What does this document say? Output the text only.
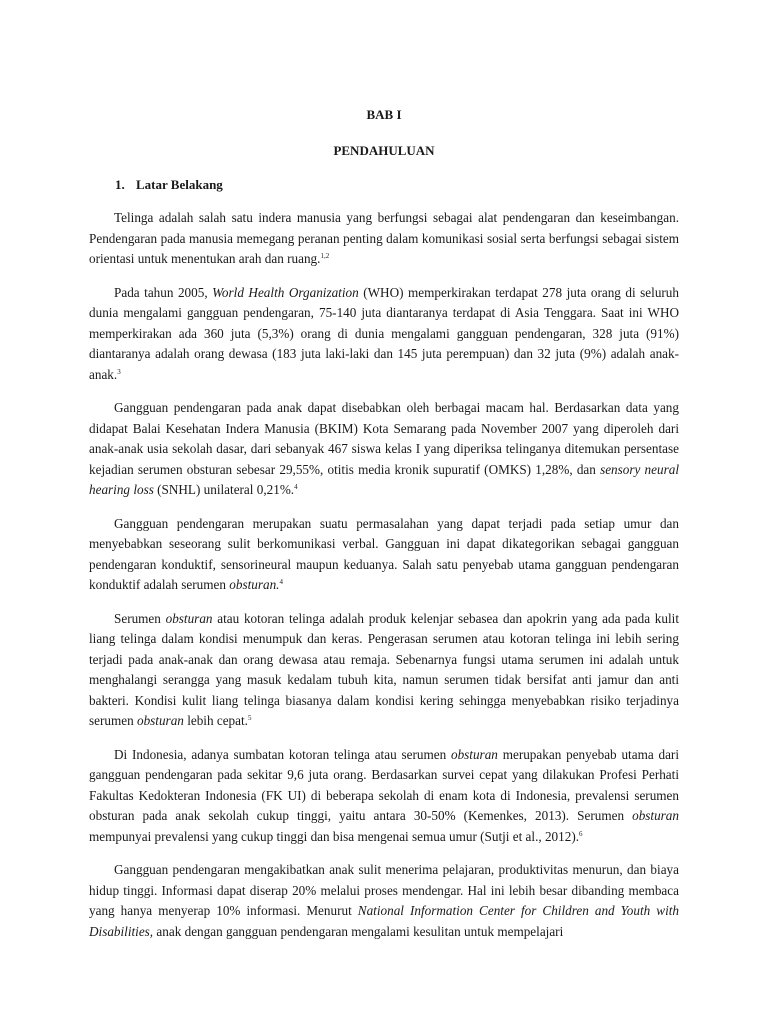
BAB I
PENDAHULUAN
1. Latar Belakang

Telinga adalah salah satu indera manusia yang berfungsi sebagai alat pendengaran dan keseimbangan. Pendengaran pada manusia memegang peranan penting dalam komunikasi sosial serta berfungsi sebagai sistem orientasi untuk menentukan arah dan ruang.$^{1,2}$

Pada tahun 2005, World Health Organization (WHO) memperkirakan terdapat 278 juta orang di seluruh dunia mengalami gangguan pendengaran, 75-140 juta diantaranya terdapat di Asia Tenggara. Saat ini WHO memperkirakan ada 360 juta (5,3%) orang di dunia mengalami gangguan pendengaran, 328 juta (91%) diantaranya adalah orang dewasa (183 juta laki-laki dan 145 juta perempuan) dan 32 juta (9%) adalah anak-anak.$^3$

Gangguan pendengaran pada anak dapat disebabkan oleh berbagai macam hal. Berdasarkan data yang didapat Balai Kesehatan Indera Manusia (BKIM) Kota Semarang pada November 2007 yang diperoleh dari anak-anak usia sekolah dasar, dari sebanyak 467 siswa kelas I yang diperiksa telinganya ditemukan persentase kejadian serumen obsturan sebesar 29,55%, otitis media kronik supuratif (OMKS) 1,28%, dan sensory neural hearing loss (SNHL) unilateral 0,21%.$^4$

Gangguan pendengaran merupakan suatu permasalahan yang dapat terjadi pada setiap umur dan menyebabkan seseorang sulit berkomunikasi verbal. Gangguan ini dapat dikategorikan sebagai gangguan pendengaran konduktif, sensorineural maupun keduanya. Salah satu penyebab utama gangguan pendengaran konduktif adalah serumen obsturan.$^4$

Serumen obsturan atau kotoran telinga adalah produk kelenjar sebasea dan apokrin yang ada pada kulit liang telinga dalam kondisi menumpuk dan keras. Pengerasan serumen atau kotoran telinga ini lebih sering terjadi pada anak-anak dan orang dewasa atau remaja. Sebenarnya fungsi utama serumen ini adalah untuk menghalangi serangga yang masuk kedalam tubuh kita, namun serumen tidak bersifat anti jamur dan anti bakteri. Kondisi kulit liang telinga biasanya dalam kondisi kering sehingga menyebabkan risiko terjadinya serumen obsturan lebih cepat.$^5$

Di Indonesia, adanya sumbatan kotoran telinga atau serumen obsturan merupakan penyebab utama dari gangguan pendengaran pada sekitar 9,6 juta orang. Berdasarkan survei cepat yang dilakukan Profesi Perhati Fakultas Kedokteran Indonesia (FK UI) di beberapa sekolah di enam kota di Indonesia, prevalensi serumen obsturan pada anak sekolah cukup tinggi, yaitu antara 30-50% (Kemenkes, 2013). Serumen obsturan mempunyai prevalensi yang cukup tinggi dan bisa mengenai semua umur (Sutji et al., 2012).$^6$

Gangguan pendengaran mengakibatkan anak sulit menerima pelajaran, produktivitas menurun, dan biaya hidup tinggi. Informasi dapat diserap 20% melalui proses mendengar. Hal ini lebih besar dibanding membaca yang hanya menyerap 10% informasi. Menurut National Information Center for Children and Youth with Disabilities, anak dengan gangguan pendengaran mengalami kesulitan untuk mempelajari
